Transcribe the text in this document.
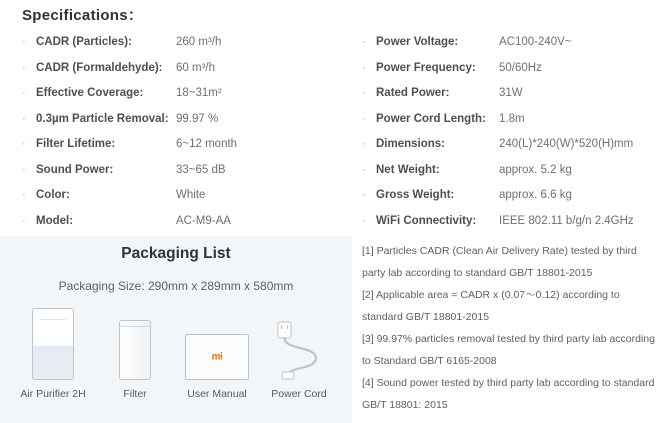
Specifications：
· CADR (Particles):	260 m³/h
· CADR (Formaldehyde):	60 m³/h
· Effective Coverage:	18~31m²
· 0.3µm Particle Removal: 99.97 %
· Filter Lifetime:	6~12 month
· Sound Power:	33~65 dB
· Color:	White
· Model:	AC-M9-AA
· Power Voltage:	AC100-240V~
· Power Frequency:	50/60Hz
· Rated Power:	31W
· Power Cord Length:	1.8m
· Dimensions:	240(L)*240(W)*520(H)mm
· Net Weight:	approx. 5.2 kg
· Gross Weight:	approx. 6.6 kg
· WiFi Connectivity:	IEEE 802.11 b/g/n 2.4GHz
Packaging List
Packaging Size: 290mm x 289mm x 580mm
Air Purifier 2H	Filter
mi
User Manual	Power Cord
[1] Particles CADR (Clean Air Delivery Rate) tested by third party lab according to standard GB/T 18801-2015
[2] Applicable area = CADR x (0.07～0.12) according to standard GB/T 18801-2015
[3] 99.97% particles removal tested by third party lab according to Standard GB/T 6165-2008
[4] Sound power tested by third party lab according to standard GB/T 18801: 2015
